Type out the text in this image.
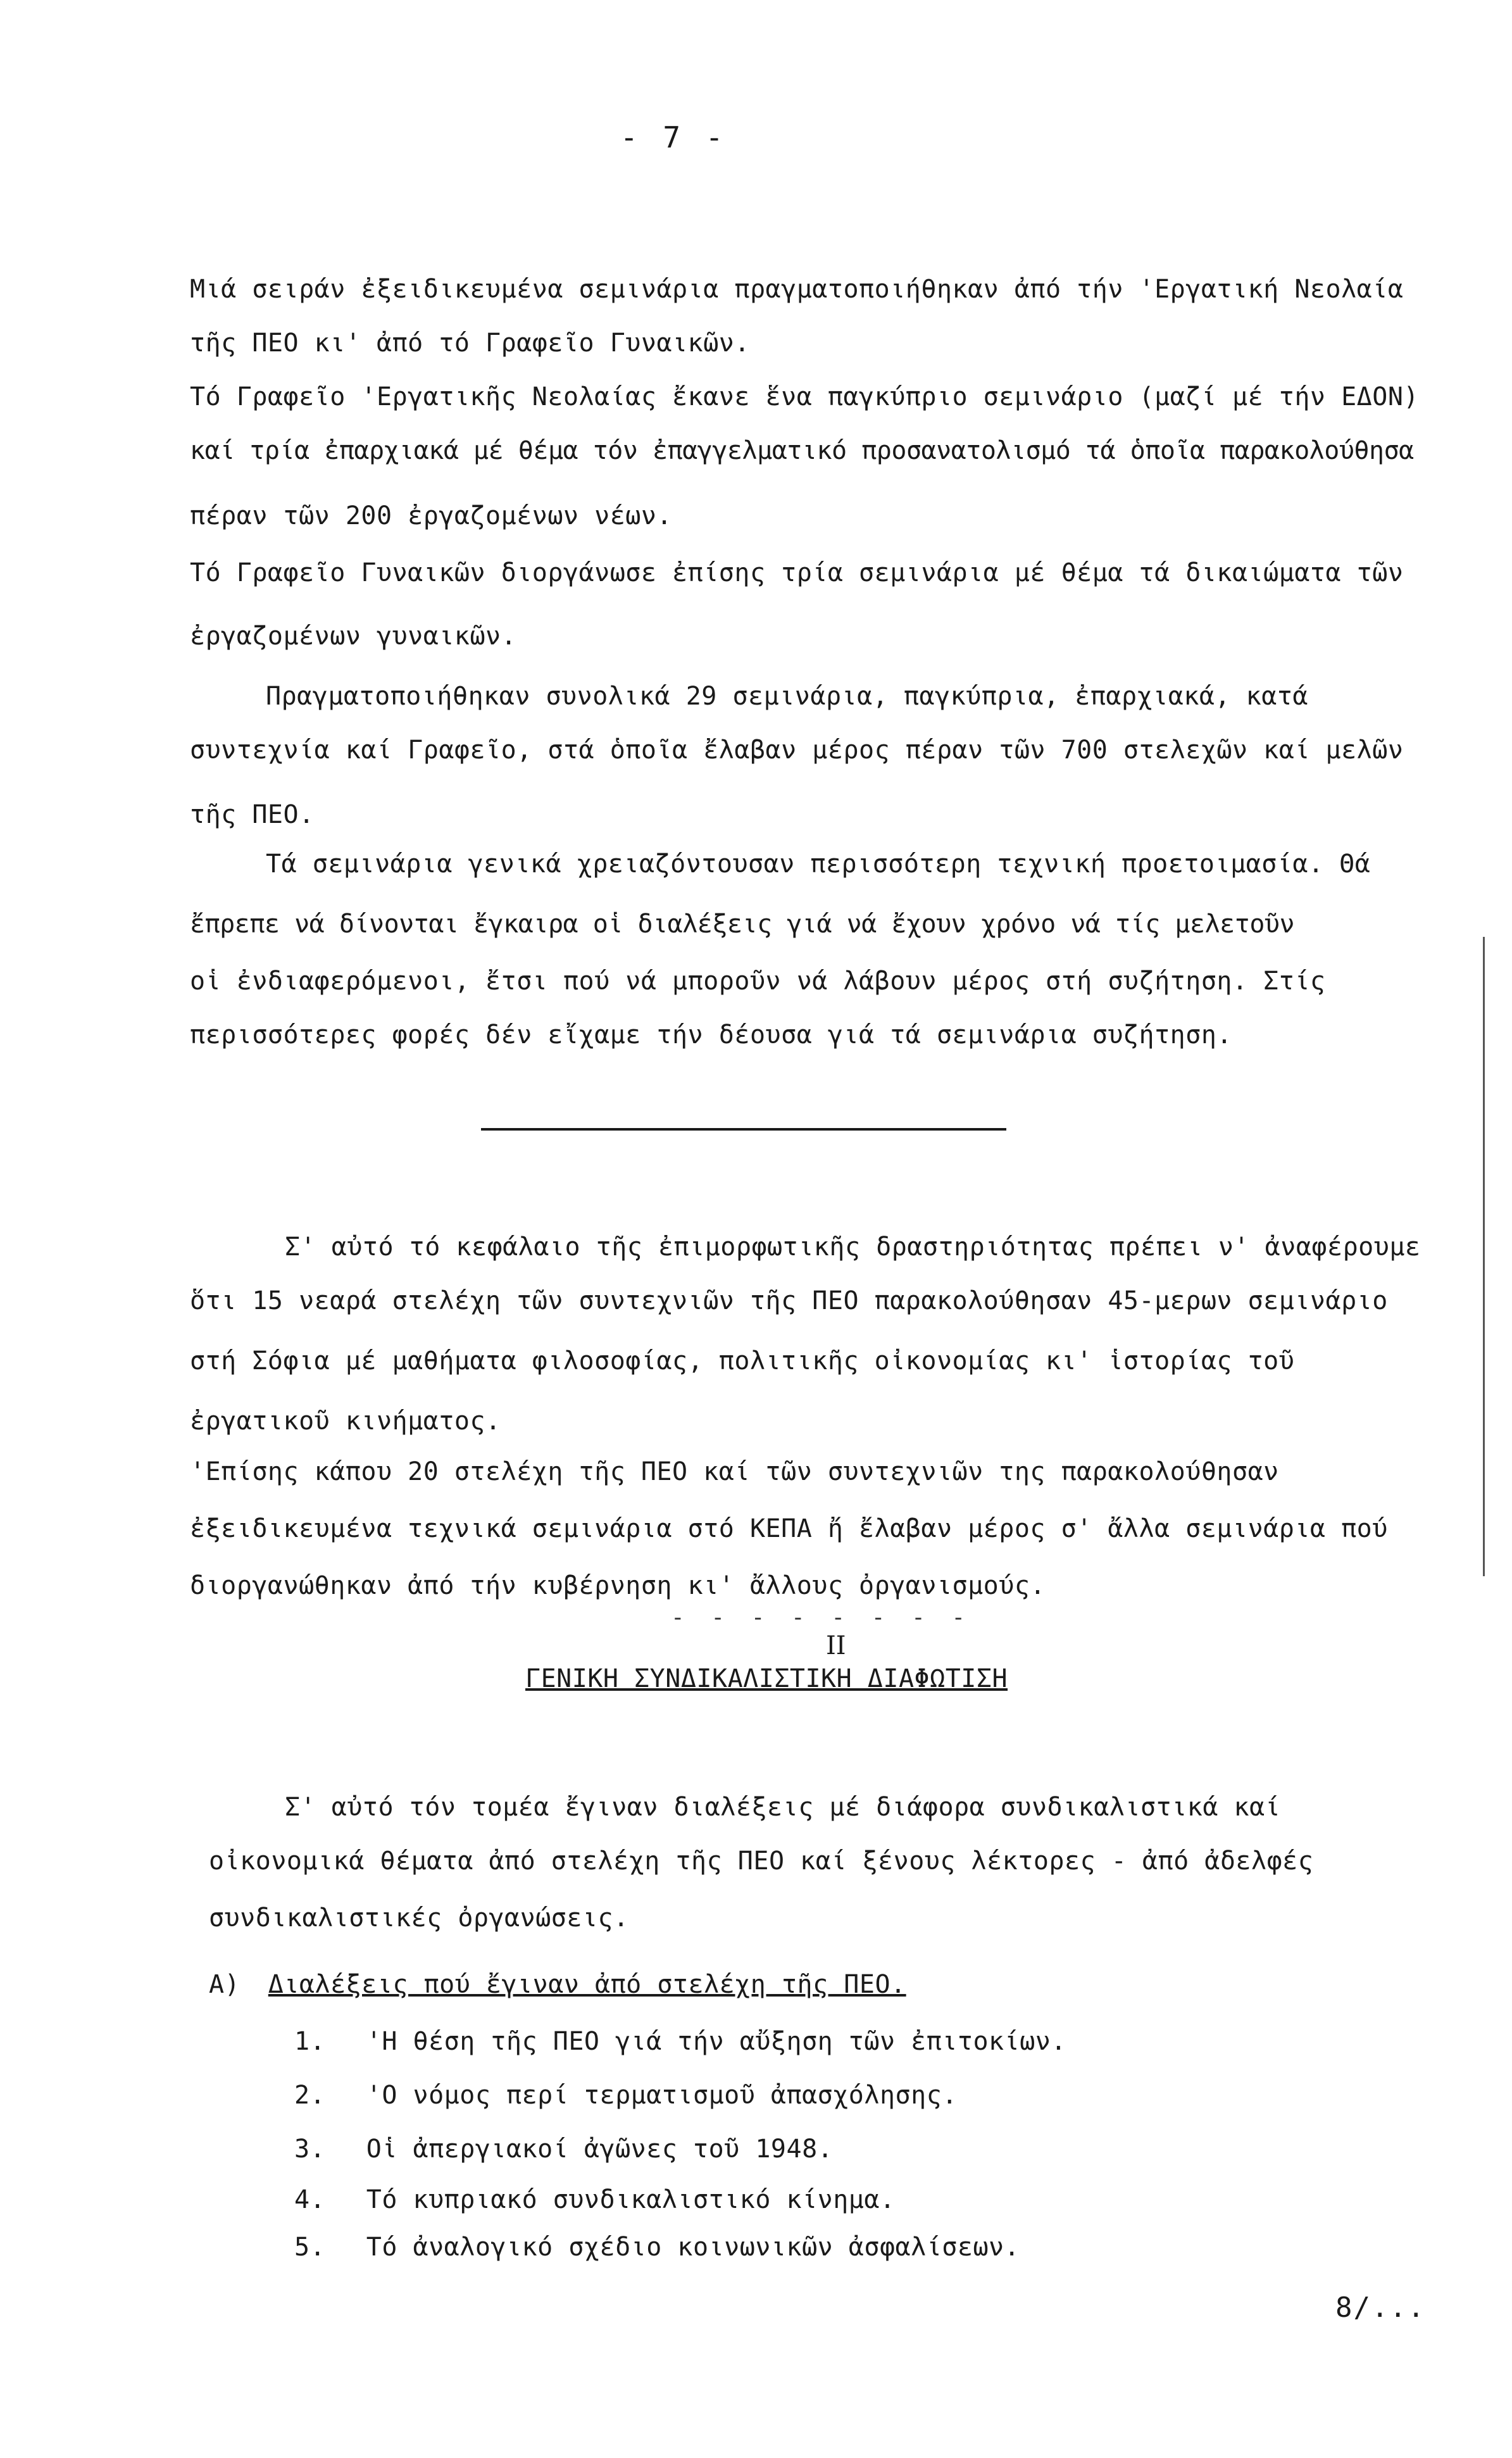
- 7 -
Μιά σειράν ἐξειδικευμένα σεμινάρια πραγματοποιήθηκαν ἀπό τήν 'Εργατική Νεολαία
τῆς ΠΕΟ κι' ἀπό τό Γραφεῖο Γυναικῶν.
Τό Γραφεῖο 'Εργατικῆς Νεολαίας ἔκανε ἕνα παγκύπριο σεμινάριο (μαζί μέ τήν ΕΔΟΝ)
καί τρία ἐπαρχιακά μέ θέμα τόν ἐπαγγελματικό προσανατολισμό τά ὁποῖα παρακολούθησα
πέραν τῶν 200 ἐργαζομένων νέων.
Τό Γραφεῖο Γυναικῶν διοργάνωσε ἐπίσης τρία σεμινάρια μέ θέμα τά δικαιώματα τῶν
ἐργαζομένων γυναικῶν.
Πραγματοποιήθηκαν συνολικά 29 σεμινάρια, παγκύπρια, ἐπαρχιακά, κατά
συντεχνία καί Γραφεῖο, στά ὁποῖα ἔλαβαν μέρος πέραν τῶν 700 στελεχῶν καί μελῶν
τῆς ΠΕΟ.
Τά σεμινάρια γενικά χρειαζόντουσαν περισσότερη τεχνική προετοιμασία. Θά
ἔπρεπε νά δίνονται ἔγκαιρα οἱ διαλέξεις γιά νά ἔχουν χρόνο νά τίς μελετοῦν
οἱ ἐνδιαφερόμενοι, ἔτσι πού νά μποροῦν νά λάβουν μέρος στή συζήτηση. Στίς
περισσότερες φορές δέν εἴχαμε τήν δέουσα γιά τά σεμινάρια συζήτηση.
Σ' αὐτό τό κεφάλαιο τῆς ἐπιμορφωτικῆς δραστηριότητας πρέπει ν' ἀναφέρουμε
ὅτι 15 νεαρά στελέχη τῶν συντεχνιῶν τῆς ΠΕΟ παρακολούθησαν 45-μερων σεμινάριο
στή Σόφια μέ μαθήματα φιλοσοφίας, πολιτικῆς οἰκονομίας κι' ἱστορίας τοῦ
ἐργατικοῦ κινήματος.
'Επίσης κάπου 20 στελέχη τῆς ΠΕΟ καί τῶν συντεχνιῶν της παρακολούθησαν
ἐξειδικευμένα τεχνικά σεμινάρια στό ΚΕΠΑ ἤ ἔλαβαν μέρος σ' ἄλλα σεμινάρια πού
διοργανώθηκαν ἀπό τήν κυβέρνηση κι' ἄλλους ὀργανισμούς.
- - - - - - - -
II
ΓΕΝΙΚΗ ΣΥΝΔΙΚΑΛΙΣΤΙΚΗ ΔΙΑΦΩΤΙΣΗ
Σ' αὐτό τόν τομέα ἔγιναν διαλέξεις μέ διάφορα συνδικαλιστικά καί
οἰκονομικά θέματα ἀπό στελέχη τῆς ΠΕΟ καί ξένους λέκτορες - ἀπό ἀδελφές
συνδικαλιστικές ὀργανώσεις.
Α) Διαλέξεις πού ἔγιναν ἀπό στελέχη τῆς ΠΕΟ.
1. 'Η θέση τῆς ΠΕΟ γιά τήν αὔξηση τῶν ἐπιτοκίων.
2. 'Ο νόμος περί τερματισμοῦ ἀπασχόλησης.
3. Οἱ ἀπεργιακοί ἀγῶνες τοῦ 1948.
4. Τό κυπριακό συνδικαλιστικό κίνημα.
5. Τό ἀναλογικό σχέδιο κοινωνικῶν ἀσφαλίσεων.
8/...
